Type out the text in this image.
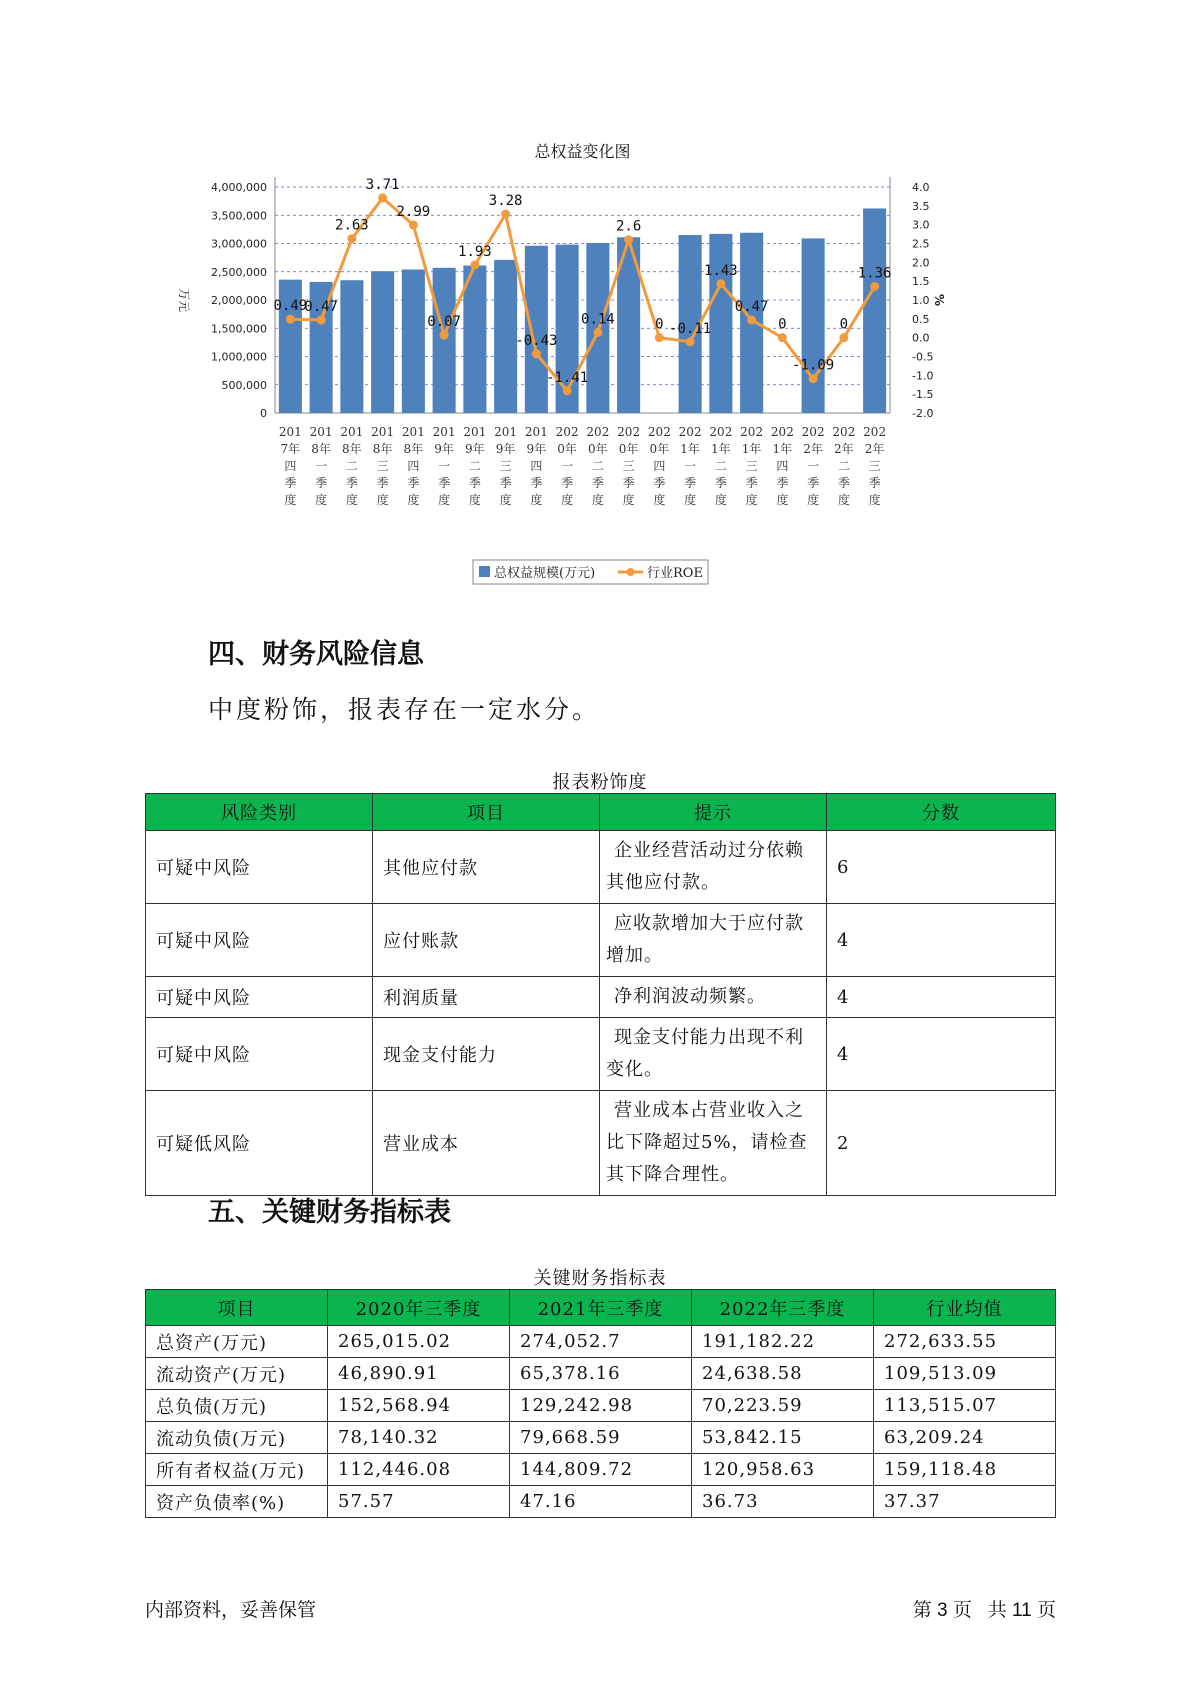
总权益变化图
0
500,000
1,000,000
1,500,000
2,000,000
2,500,000
3,000,000
3,500,000
4,000,000
-2.0
-1.5
-1.0
-0.5
0.0
0.5
1.0
1.5
2.0
2.5
3.0
3.5
4.0
万元	%
0.49
0.47
2.63
3.71
2.99
0.07
1.93
3.28
-0.43
-1.41
0.14
2.6
0 -0.11
1.43
0.47
0
-1.09
0
1.36
201
7年
四
季
度
201
8年
一
季
度
201
8年
二
季
度
201
8年
三
季
度
201
8年
四
季
度
201
9年
一
季
度
201
9年
二
季
度
201
9年
三
季
度
201
9年
四
季
度
202
0年
一
季
度
202
0年
二
季
度
202
0年
三
季
度
202
0年
四
季
度
202
1年
一
季
度
202
1年
二
季
度
202
1年
三
季
度
202
1年
四
季
度
202
2年
一
季
度
202
2年
二
季
度
202
2年
三
季
度
总权益规模(万元)	行业ROE
四、财务风险信息

中度粉饰，报表存在一定水分。

报表粉饰度
风险类别	项目	提示	分数
可疑中风险	其他应付款	企业经营活动过分依赖其他应付款。	6
可疑中风险	应付账款	应收款增加大于应付款增加。	4
可疑中风险	利润质量	净利润波动频繁。	4
可疑中风险	现金支付能力	现金支付能力出现不利变化。	4
可疑低风险	营业成本	营业成本占营业收入之比下降超过5%，请检查其下降合理性。	2
五、关键财务指标表
关键财务指标表
项目	2020年三季度	2021年三季度	2022年三季度	行业均值
总资产(万元)	265,015.02	274,052.7	191,182.22	272,633.55
流动资产(万元)	46,890.91	65,378.16	24,638.58	109,513.09
总负债(万元)	152,568.94	129,242.98	70,223.59	113,515.07
流动负债(万元)	78,140.32	79,668.59	53,842.15	63,209.24
所有者权益(万元)	112,446.08	144,809.72	120,958.63	159,118.48
资产负债率(%)	57.57	47.16	36.73	37.37
内部资料，妥善保管	第 3 页   共 11 页
